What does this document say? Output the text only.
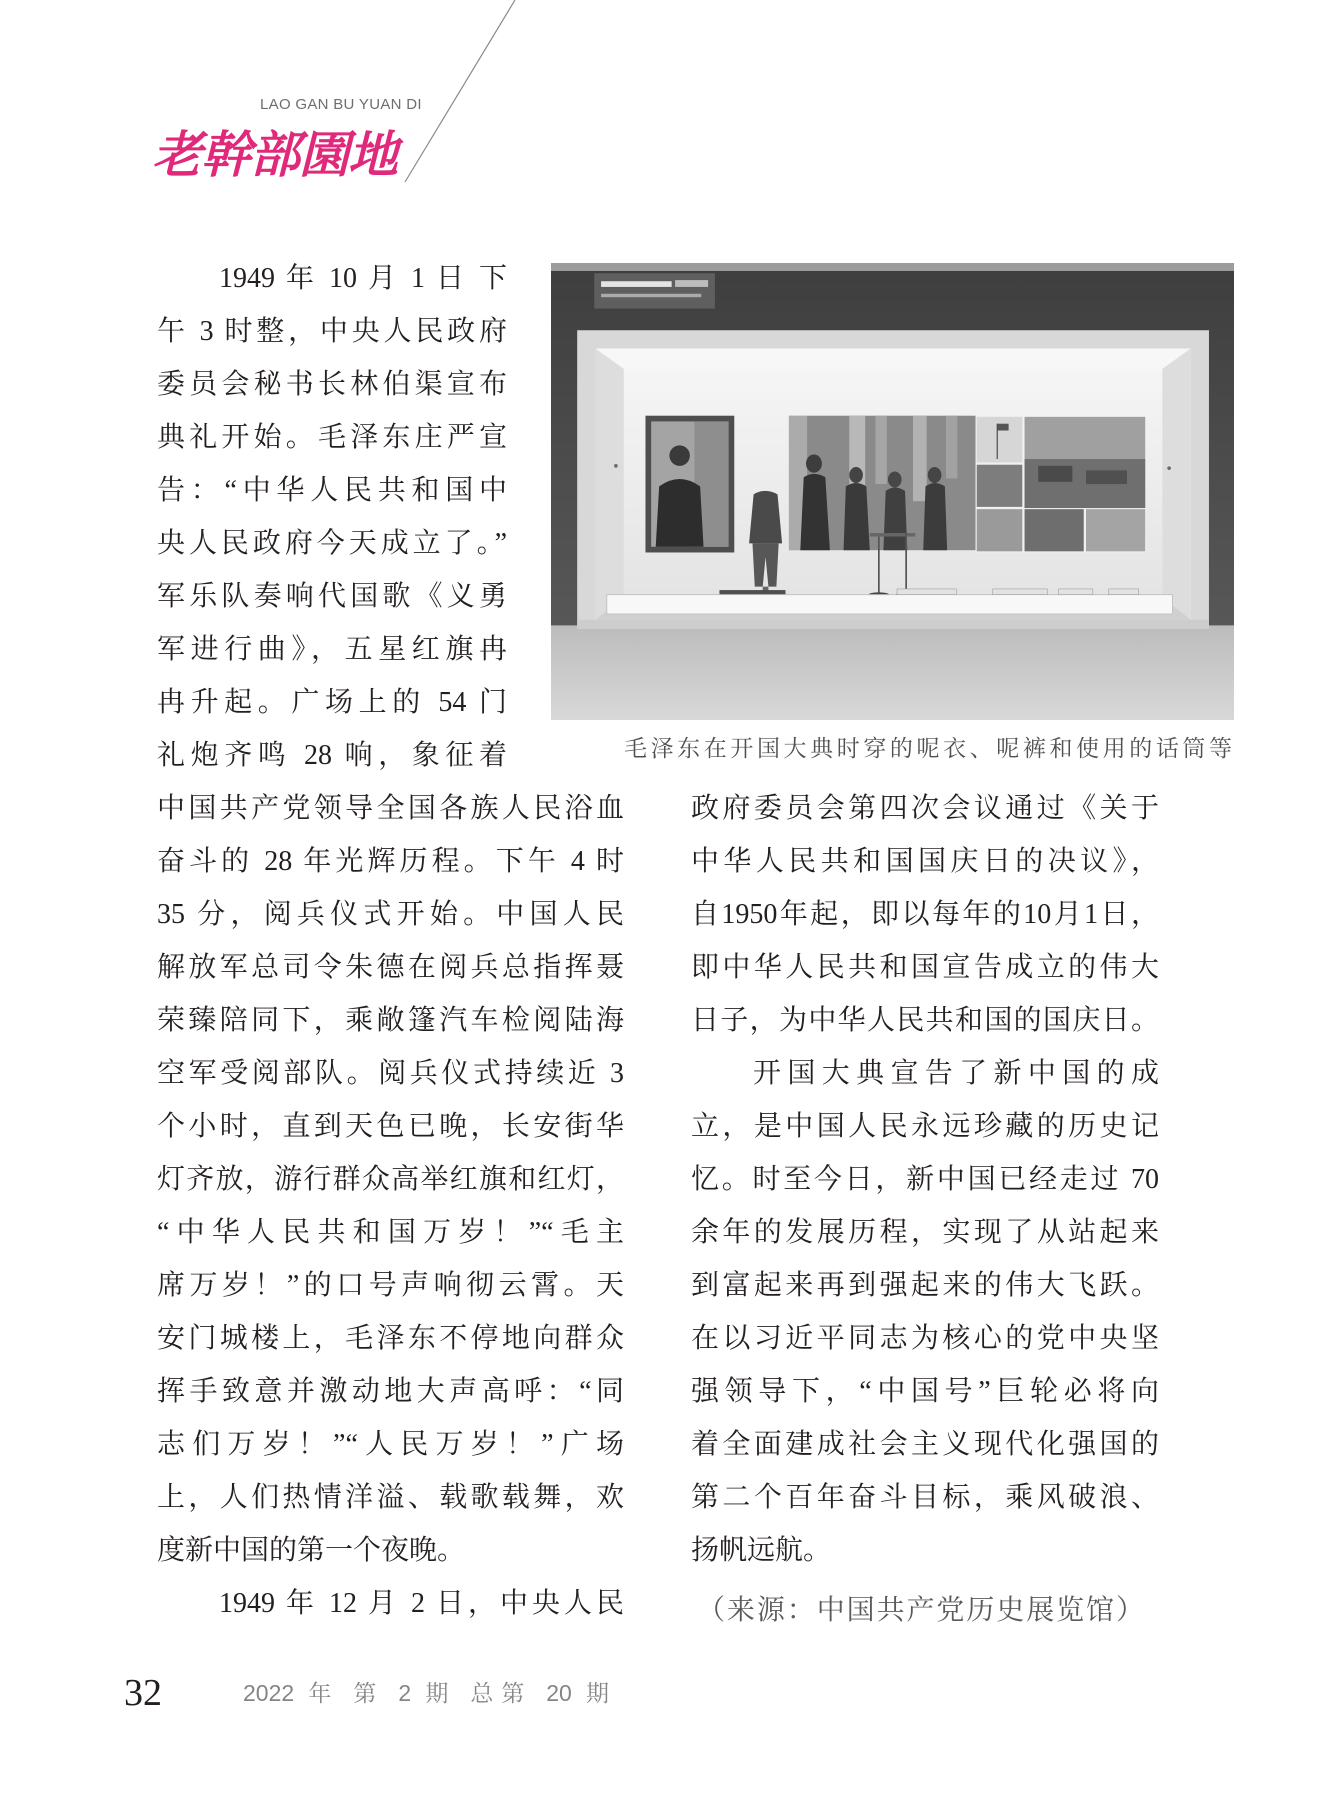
LAO GAN BU YUAN DI
老幹部園地
毛泽东在开国大典时穿的呢衣、呢裤和使用的话筒等
1949 年 10 月 1 日 下
午 3 时整，中央人民政府
委员会秘书长林伯渠宣布
典礼开始。毛泽东庄严宣
告：“中华人民共和国中
央人民政府今天成立了。”
军乐队奏响代国歌《义勇
军进行曲》，五星红旗冉
冉升起。广场上的 54 门
礼炮齐鸣 28 响，象征着
中国共产党领导全国各族人民浴血
奋斗的 28 年光辉历程。下午 4 时
35 分，阅兵仪式开始。中国人民
解放军总司令朱德在阅兵总指挥聂
荣臻陪同下，乘敞篷汽车检阅陆海
空军受阅部队。阅兵仪式持续近 3
个小时，直到天色已晚，长安街华
灯齐放，游行群众高举红旗和红灯，
“中华人民共和国万岁！”“毛主
席万岁！”的口号声响彻云霄。天
安门城楼上，毛泽东不停地向群众
挥手致意并激动地大声高呼：“同
志们万岁！”“人民万岁！”广场
上，人们热情洋溢、载歌载舞，欢
度新中国的第一个夜晚。
1949 年 12 月 2 日，中央人民
政府委员会第四次会议通过《关于
中华人民共和国国庆日的决议》，
自1950年起，即以每年的10月1日，
即中华人民共和国宣告成立的伟大
日子，为中华人民共和国的国庆日。
开国大典宣告了新中国的成
立，是中国人民永远珍藏的历史记
忆。时至今日，新中国已经走过 70
余年的发展历程，实现了从站起来
到富起来再到强起来的伟大飞跃。
在以习近平同志为核心的党中央坚
强领导下，“中国号”巨轮必将向
着全面建成社会主义现代化强国的
第二个百年奋斗目标，乘风破浪、
扬帆远航。
（来源：中国共产党历史展览馆）
32	2022 年 第 2 期 总第 20 期
